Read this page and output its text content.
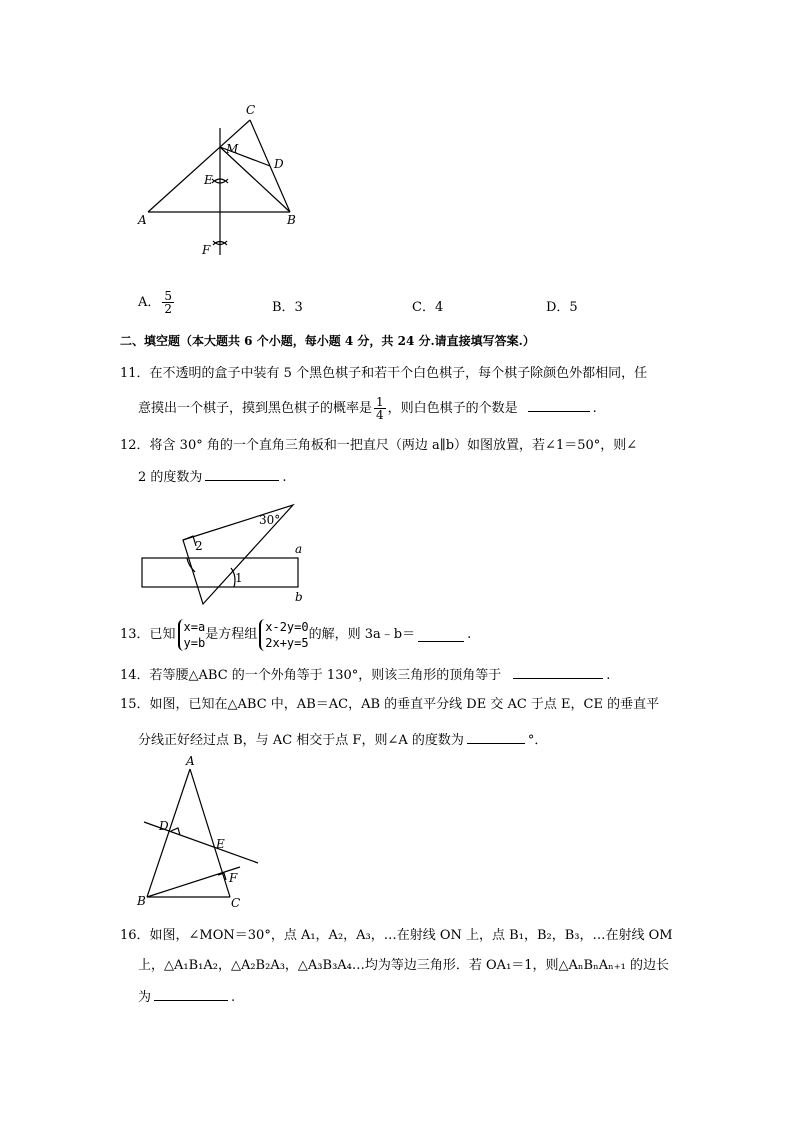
C
M
D
E
A	B
F
A． $\frac{5}{2}$	B．3	C．4	D．5
二、填空题（本大题共 6 个小题，每小题 4 分，共 24 分.请直接填写答案.）
11．在不透明的盒子中装有 5 个黑色棋子和若干个白色棋子，每个棋子除颜色外都相同，任
意摸出一个棋子，摸到黑色棋子的概率是 $\frac{1}{4}$ ，则白色棋子的个数是	.
12．将含 30° 角的一个直角三角板和一把直尺（两边 a∥b）如图放置，若∠1＝50°，则∠
2 的度数为	.
30°
2	a
1
b
13．已知 x=a
y=b
是方程组 x-2y=0
2x+y=5
的解，则 3a﹣b＝	.
14．若等腰△ABC 的一个外角等于 130°，则该三角形的顶角等于	.
15．如图，已知在△ABC 中，AB＝AC，AB 的垂直平分线 DE 交 AC 于点 E，CE 的垂直平
分线正好经过点 B，与 AC 相交于点 F，则∠A 的度数为	°．
A
D
E
F
B	C
16．如图，∠MON＝30°，点 A₁，A₂，A₃，…在射线 ON 上，点 B₁，B₂，B₃，…在射线 OM
上，△A₁B₁A₂，△A₂B₂A₃，△A₃B₃A₄…均为等边三角形．若 OA₁＝1，则△AₙBₙAₙ₊₁ 的边长
为	.
